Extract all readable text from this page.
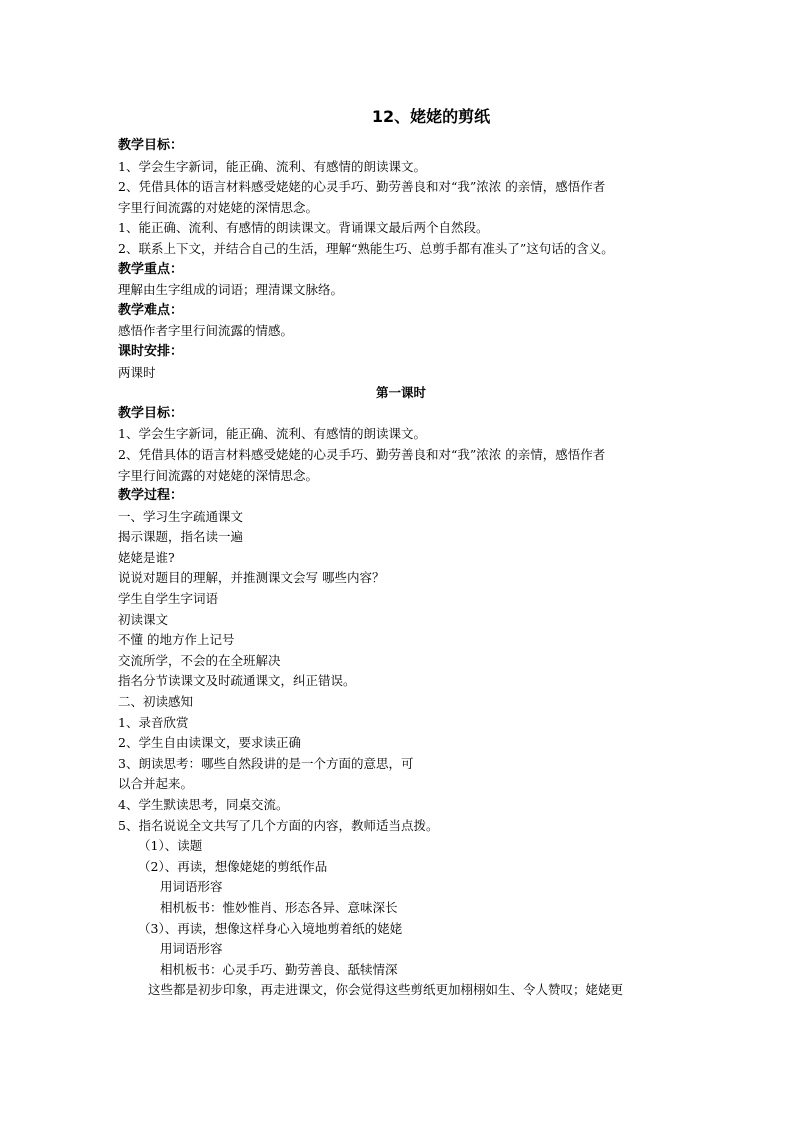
12、姥姥的剪纸
教学目标：
1、学会生字新词，能正确、流利、有感情的朗读课文。
2、凭借具体的语言材料感受姥姥的心灵手巧、勤劳善良和对“我”浓浓 的亲情，感悟作者
字里行间流露的对姥姥的深情思念。
1、能正确、流利、有感情的朗读课文。背诵课文最后两个自然段。
2、联系上下文，并结合自己的生活，理解“熟能生巧、总剪手都有准头了”这句话的含义。
教学重点：
理解由生字组成的词语；理清课文脉络。
教学难点：
感悟作者字里行间流露的情感。
课时安排：
两课时
第一课时
教学目标：
1、学会生字新词，能正确、流利、有感情的朗读课文。
2、凭借具体的语言材料感受姥姥的心灵手巧、勤劳善良和对“我”浓浓 的亲情，感悟作者
字里行间流露的对姥姥的深情思念。
教学过程：
一、学习生字疏通课文
揭示课题，指名读一遍
姥姥是谁?
说说对题目的理解，并推测课文会写 哪些内容？
学生自学生字词语
初读课文
不懂 的地方作上记号
交流所学，不会的在全班解决
指名分节读课文及时疏通课文，纠正错误。
二、初读感知
1、录音欣赏
2、学生自由读课文，要求读正确
3、朗读思考：哪些自然段讲的是一个方面的意思，可
以合并起来。
4、学生默读思考，同桌交流。
5、指名说说全文共写了几个方面的内容，教师适当点拨。
（1）、读题
（2）、再读，想像姥姥的剪纸作品
用词语形容
相机板书：惟妙惟肖、形态各异、意味深长
（3）、再读，想像这样身心入境地剪着纸的姥姥
用词语形容
相机板书：心灵手巧、勤劳善良、舐犊情深
这些都是初步印象，再走进课文，你会觉得这些剪纸更加栩栩如生、令人赞叹；姥姥更
